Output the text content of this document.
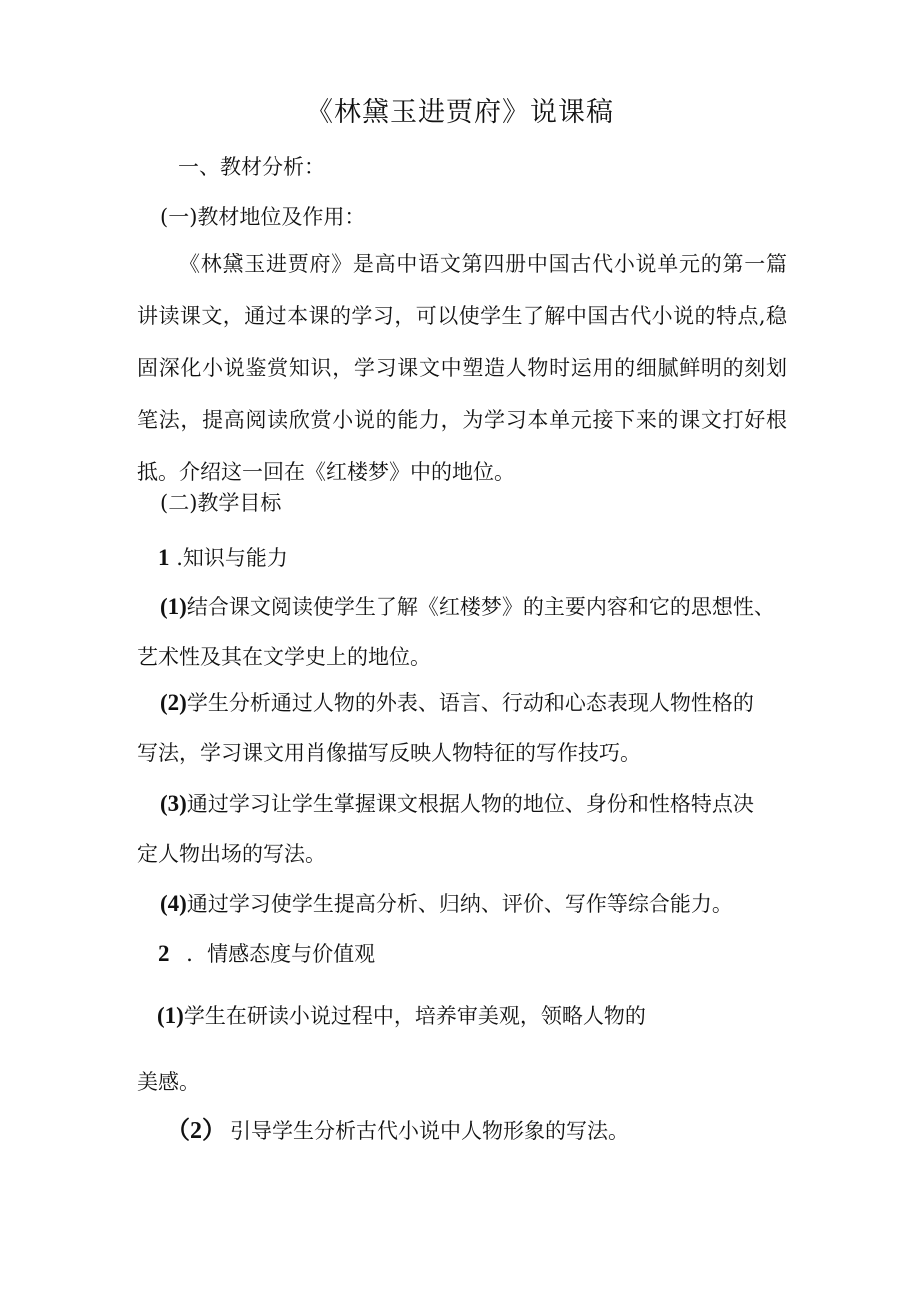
《林黛玉进贾府》说课稿
一、教材分析：
(一)教材地位及作用：
《林黛玉进贾府》是高中语文第四册中国古代小说单元的第一篇讲读课文，通过本课的学习，可以使学生了解中国古代小说的特点,稳固深化小说鉴赏知识，学习课文中塑造人物时运用的细腻鲜明的刻划笔法，提高阅读欣赏小说的能力，为学习本单元接下来的课文打好根抵。介绍这一回在《红楼梦》中的地位。
(二)教学目标
1 .知识与能力
(1)结合课文阅读使学生了解《红楼梦》的主要内容和它的思想性、
艺术性及其在文学史上的地位。
(2)学生分析通过人物的外表、语言、行动和心态表现人物性格的
写法，学习课文用肖像描写反映人物特征的写作技巧。
(3)通过学习让学生掌握课文根据人物的地位、身份和性格特点决
定人物出场的写法。
(4)通过学习使学生提高分析、归纳、评价、写作等综合能力。
2 ．情感态度与价值观
(1)学生在研读小说过程中，培养审美观，领略人物的
美感。
（2） 引导学生分析古代小说中人物形象的写法。
